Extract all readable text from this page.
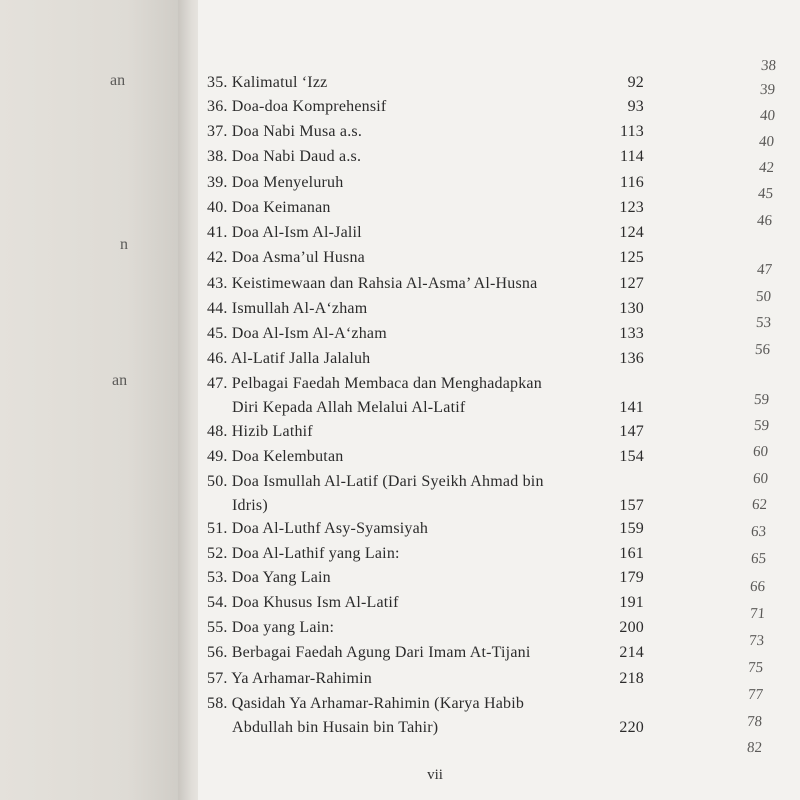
38
39
40
40
42
45
46
47
50
53
56
59
59
60
60
62
63
65
66
71
73
75
77
78
82
an
n
an
35. Kalimatul ‘Izz	92
36. Doa-doa Komprehensif	93
37. Doa Nabi Musa a.s.	113
38. Doa Nabi Daud a.s.	114
39. Doa Menyeluruh	116
40. Doa Keimanan	123
41. Doa Al-Ism Al-Jalil	124
42. Doa Asma’ul Husna	125
43. Keistimewaan dan Rahsia Al-Asma’ Al-Husna	127
44. Ismullah Al-A‘zham	130
45. Doa Al-Ism Al-A‘zham	133
46. Al-Latif Jalla Jalaluh	136
47. Pelbagai Faedah Membaca dan Menghadapkan
Diri Kepada Allah Melalui Al-Latif	141
48. Hizib Lathif	147
49. Doa Kelembutan	154
50. Doa Ismullah Al-Latif (Dari Syeikh Ahmad bin
Idris)	157
51. Doa Al-Luthf Asy-Syamsiyah	159
52. Doa Al-Lathif yang Lain:	161
53. Doa Yang Lain	179
54. Doa Khusus Ism Al-Latif	191
55. Doa yang Lain:	200
56. Berbagai Faedah Agung Dari Imam At-Tijani	214
57. Ya Arhamar-Rahimin	218
58. Qasidah Ya Arhamar-Rahimin (Karya Habib
Abdullah bin Husain bin Tahir)	220
vii
